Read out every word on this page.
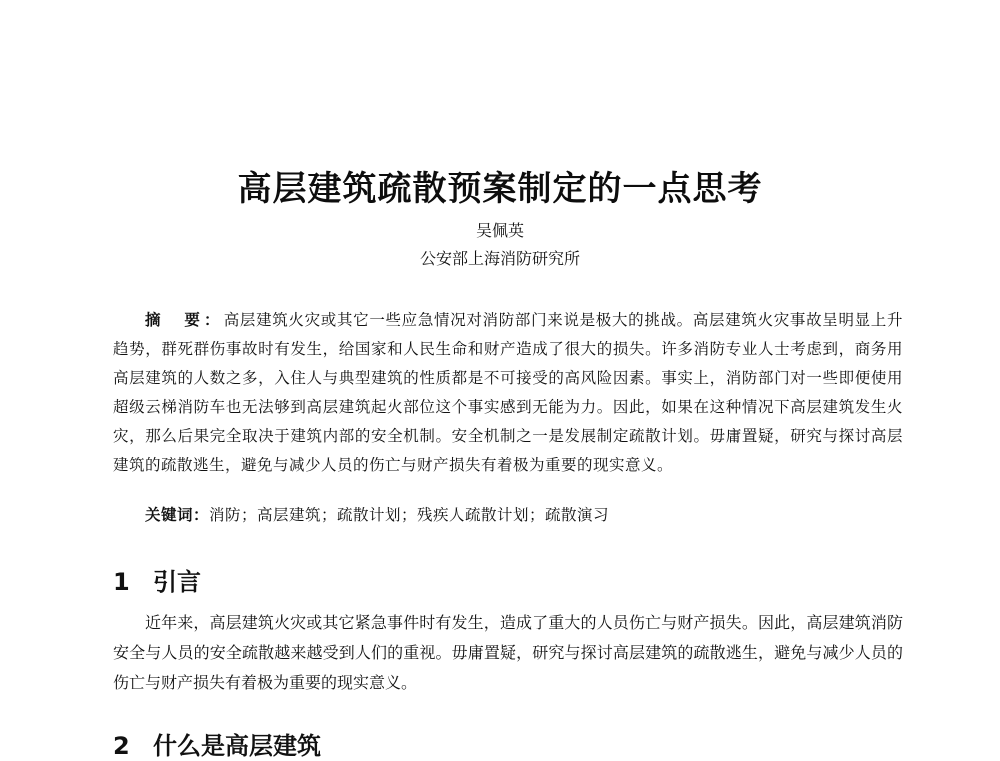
高层建筑疏散预案制定的一点思考
吴佩英
公安部上海消防研究所

摘　要：高层建筑火灾或其它一些应急情况对消防部门来说是极大的挑战。高层建筑火灾事故呈明显上升趋势，群死群伤事故时有发生，给国家和人民生命和财产造成了很大的损失。许多消防专业人士考虑到，商务用高层建筑的人数之多，入住人与典型建筑的性质都是不可接受的高风险因素。事实上，消防部门对一些即便使用超级云梯消防车也无法够到高层建筑起火部位这个事实感到无能为力。因此，如果在这种情况下高层建筑发生火灾，那么后果完全取决于建筑内部的安全机制。安全机制之一是发展制定疏散计划。毋庸置疑，研究与探讨高层建筑的疏散逃生，避免与减少人员的伤亡与财产损失有着极为重要的现实意义。

关键词：消防；高层建筑；疏散计划；残疾人疏散计划；疏散演习

1 引言

近年来，高层建筑火灾或其它紧急事件时有发生，造成了重大的人员伤亡与财产损失。因此，高层建筑消防安全与人员的安全疏散越来越受到人们的重视。毋庸置疑，研究与探讨高层建筑的疏散逃生，避免与减少人员的伤亡与财产损失有着极为重要的现实意义。

2 什么是高层建筑
